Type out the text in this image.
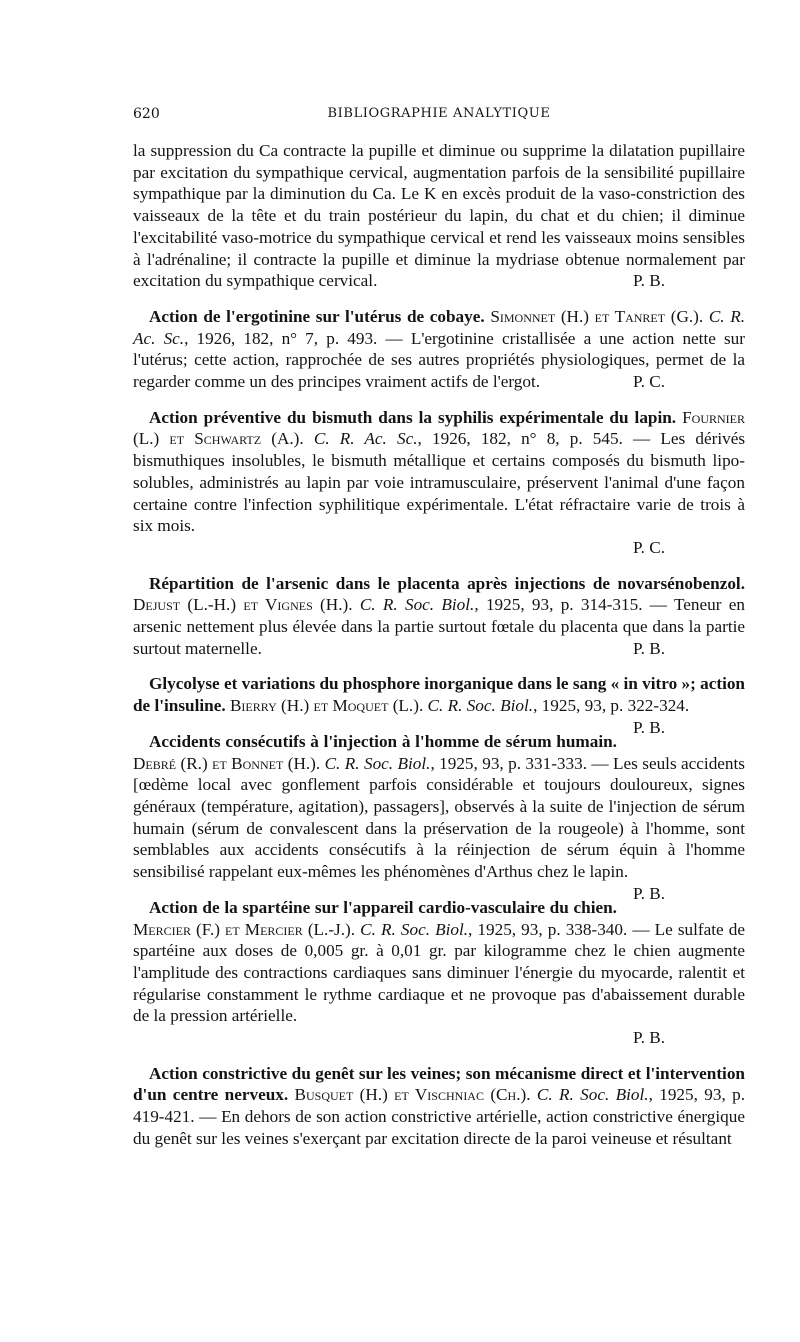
620	BIBLIOGRAPHIE ANALYTIQUE

la suppression du Ca contracte la pupille et diminue ou supprime la dilatation pupillaire par excitation du sympathique cervical, augmentation parfois de la sensibilité pupillaire sympathique par la diminution du Ca. Le K en excès produit de la vaso-constriction des vaisseaux de la tête et du train postérieur du lapin, du chat et du chien; il diminue l'excitabilité vaso-motrice du sympathique cervical et rend les vaisseaux moins sensibles à l'adrénaline; il contracte la pupille et diminue la mydriase obtenue normalement par excitation du sympathique cervical.	P. B.

Action de l'ergotinine sur l'utérus de cobaye. Simonnet (H.) et Tanret (G.). C. R. Ac. Sc., 1926, 182, n° 7, p. 493. — L'ergotinine cristallisée a une action nette sur l'utérus; cette action, rapprochée de ses autres propriétés physiologiques, permet de la regarder comme un des principes vraiment actifs de l'ergot.	P. C.

Action préventive du bismuth dans la syphilis expérimentale du lapin. Fournier (L.) et Schwartz (A.). C. R. Ac. Sc., 1926, 182, n° 8, p. 545. — Les dérivés bismuthiques insolubles, le bismuth métallique et certains composés du bismuth lipo-solubles, administrés au lapin par voie intramusculaire, préservent l'animal d'une façon certaine contre l'infection syphilitique expérimentale. L'état réfractaire varie de trois à six mois.

P. C.

Répartition de l'arsenic dans le placenta après injections de novarsénobenzol. Dejust (L.-H.) et Vignes (H.). C. R. Soc. Biol., 1925, 93, p. 314-315. — Teneur en arsenic nettement plus élevée dans la partie surtout fœtale du placenta que dans la partie surtout maternelle.	P. B.

Glycolyse et variations du phosphore inorganique dans le sang « in vitro »; action de l'insuline. Bierry (H.) et Moquet (L.). C. R. Soc. Biol., 1925, 93, p. 322-324.
P. B.

Accidents consécutifs à l'injection à l'homme de sérum humain. Debré (R.) et Bonnet (H.). C. R. Soc. Biol., 1925, 93, p. 331-333. — Les seuls accidents [œdème local avec gonflement parfois considérable et toujours douloureux, signes généraux (température, agitation), passagers], observés à la suite de l'injection de sérum humain (sérum de convalescent dans la préservation de la rougeole) à l'homme, sont semblables aux accidents consécutifs à la réinjection de sérum équin à l'homme sensibilisé rappelant eux-mêmes les phénomènes d'Arthus chez le lapin.
P. B.

Action de la spartéine sur l'appareil cardio-vasculaire du chien. Mercier (F.) et Mercier (L.-J.). C. R. Soc. Biol., 1925, 93, p. 338-340. — Le sulfate de spartéine aux doses de 0,005 gr. à 0,01 gr. par kilogramme chez le chien augmente l'amplitude des contractions cardiaques sans diminuer l'énergie du myocarde, ralentit et régularise constamment le rythme cardiaque et ne provoque pas d'abaissement durable de la pression artérielle.

P. B.

Action constrictive du genêt sur les veines; son mécanisme direct et l'intervention d'un centre nerveux. Busquet (H.) et Vischniac (Ch.). C. R. Soc. Biol., 1925, 93, p. 419-421. — En dehors de son action constrictive artérielle, action constrictive énergique du genêt sur les veines s'exerçant par excitation directe de la paroi veineuse et résultant
